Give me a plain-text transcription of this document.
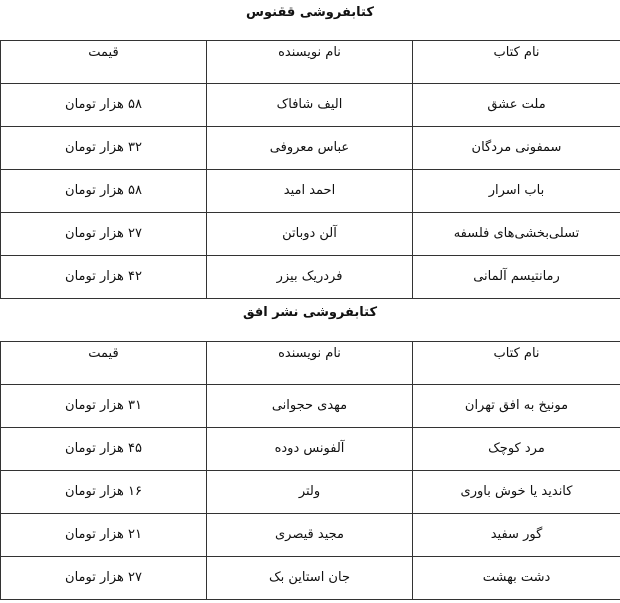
کتابفروشی ققنوس
نام کتاب	نام نویسنده	قیمت
ملت عشق	الیف شافاک	۵۸ هزار تومان
سمفونی مردگان	عباس معروفی	۳۲ هزار تومان
باب اسرار	احمد امید	۵۸ هزار تومان
تسلی‌بخشی‌های فلسفه	آلن دوباتن	۲۷ هزار تومان
رمانتیسم آلمانی	فردریک بیزر	۴۲ هزار تومان
کتابفروشی نشر افق
نام کتاب	نام نویسنده	قیمت
مونیخ به افق تهران	مهدی حجوانی	۳۱ هزار تومان
مرد کوچک	آلفونس دوده	۴۵ هزار تومان
کاندید یا خوش باوری	ولتر	۱۶ هزار تومان
گور سفید	مجید قیصری	۲۱ هزار تومان
دشت بهشت	جان استاین بک	۲۷ هزار تومان
